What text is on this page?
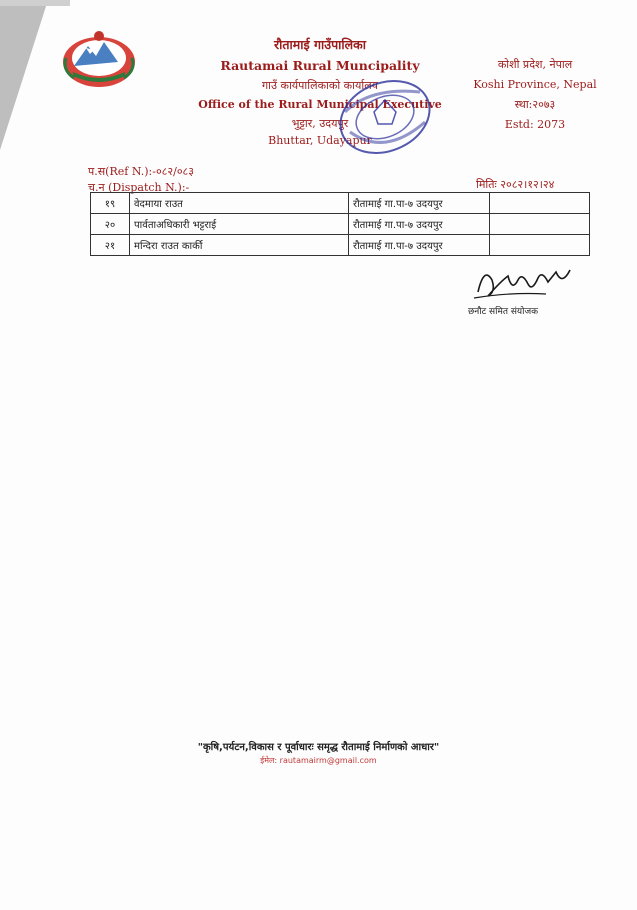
रौतामाई गाउँपालिका
Rautamai Rural Muncipality
गाउँ कार्यपालिकाको कार्यालय
Office of the Rural Municipal Executive
भुट्टार, उदयपुर
Bhuttar, Udayapur
कोशी प्रदेश, नेपाल
Koshi Province, Nepal
स्था:२०७३
Estd: 2073
प.स(Ref N.):-०८२/०८३
च.न (Dispatch N.):-	मितिः २०८२।१२।२४
१९	वेदमाया राउत	रौतामाई गा.पा-७ उदयपुर	
२०	पार्वताअधिकारी भट्टराई	रौतामाई गा.पा-७ उदयपुर	
२१	मन्दिरा राउत कार्की	रौतामाई गा.पा-७ उदयपुर	
छनौट समित संयोजक
"कृषि,पर्यटन,विकास र पूर्वाधारः समृद्ध रौतामाई निर्माणको आधार"
ईमेल: rautamairm@gmail.com
